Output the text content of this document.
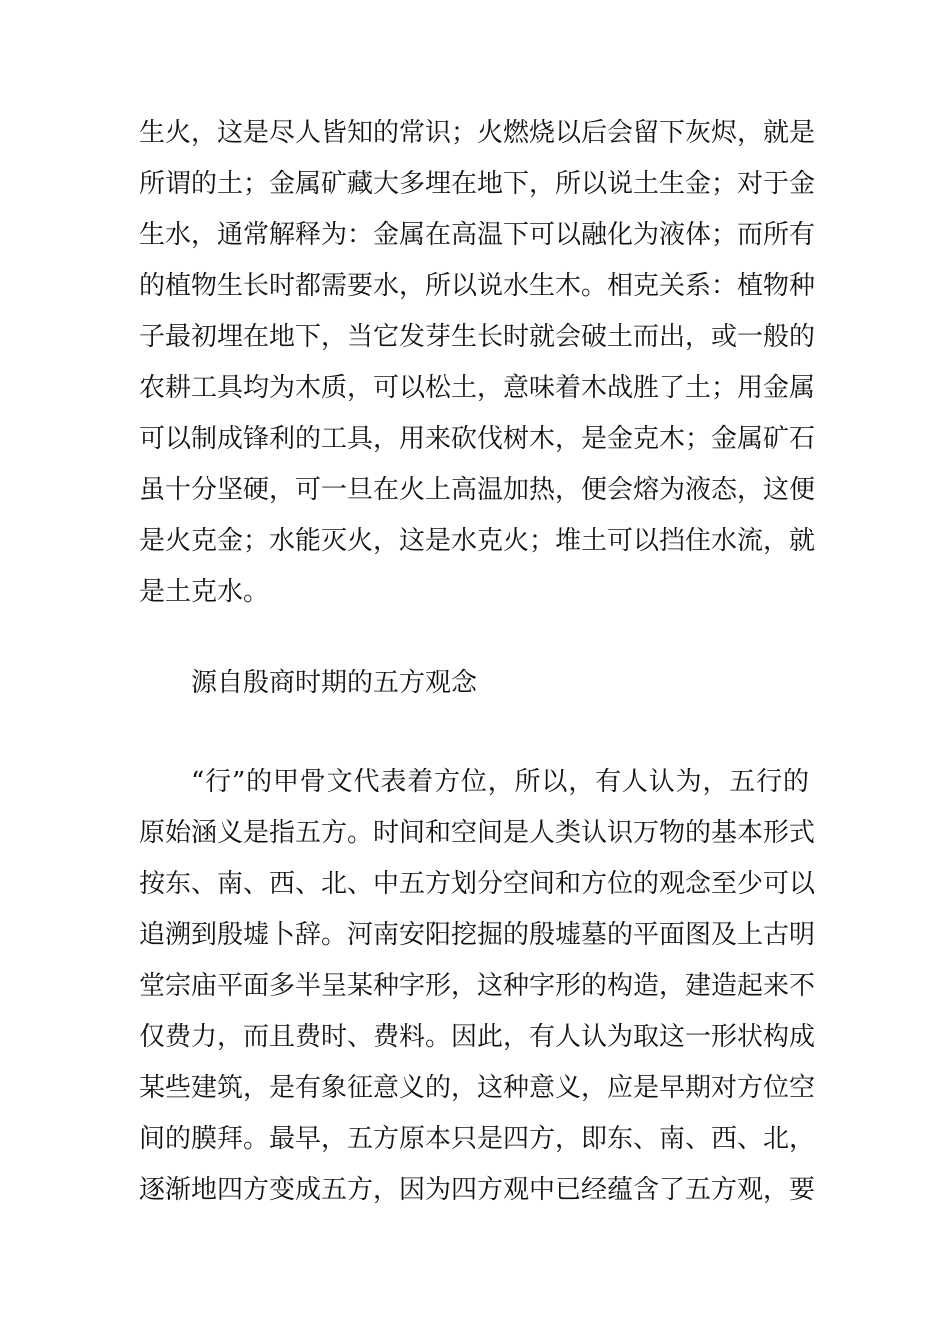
生火，这是尽人皆知的常识；火燃烧以后会留下灰烬，就是
所谓的土；金属矿藏大多埋在地下，所以说土生金；对于金
生水，通常解释为：金属在高温下可以融化为液体；而所有
的植物生长时都需要水，所以说水生木。相克关系：植物种
子最初埋在地下，当它发芽生长时就会破土而出，或一般的
农耕工具均为木质，可以松土，意味着木战胜了土；用金属
可以制成锋利的工具，用来砍伐树木，是金克木；金属矿石
虽十分坚硬，可一旦在火上高温加热，便会熔为液态，这便
是火克金；水能灭火，这是水克火；堆土可以挡住水流，就
是土克水。
源自殷商时期的五方观念
“行”的甲骨文代表着方位，所以，有人认为，五行的
原始涵义是指五方。时间和空间是人类认识万物的基本形式
按东、南、西、北、中五方划分空间和方位的观念至少可以
追溯到殷墟卜辞。河南安阳挖掘的殷墟墓的平面图及上古明
堂宗庙平面多半呈某种字形，这种字形的构造，建造起来不
仅费力，而且费时、费料。因此，有人认为取这一形状构成
某些建筑，是有象征意义的，这种意义，应是早期对方位空
间的膜拜。最早，五方原本只是四方，即东、南、西、北，
逐渐地四方变成五方，因为四方观中已经蕴含了五方观，要
